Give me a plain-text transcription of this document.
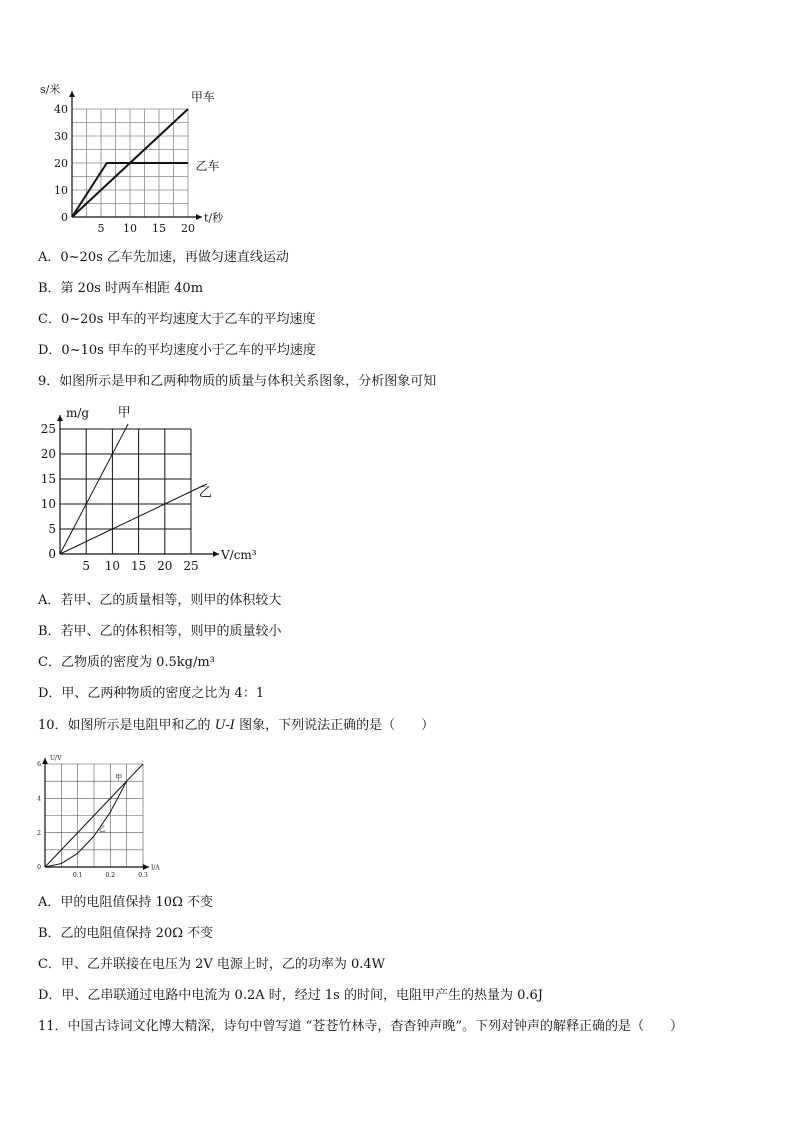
5 10 15 20
0
10
20
30
40
t/秒
s/米
甲车
乙车
A．0~20s 乙车先加速，再做匀速直线运动
B．第 20s 时两车相距 40m
C．0~20s 甲车的平均速度大于乙车的平均速度
D．0~10s 甲车的平均速度小于乙车的平均速度
9．如图所示是甲和乙两种物质的质量与体积关系图象，分析图象可知
5 10 15 20 25
0
5
10
15
20
25
V/cm³
m/g 甲
乙
A．若甲、乙的质量相等，则甲的体积较大
B．若甲、乙的体积相等，则甲的质量较小
C．乙物质的密度为 0.5kg/m³
D．甲、乙两种物质的密度之比为 4：1
10．如图所示是电阻甲和乙的 U-I 图象，下列说法正确的是（　　）
0.1	0.2	0.3
0
2
4
6
I/A
U/V
甲
乙
A．甲的电阻值保持 10Ω 不变
B．乙的电阻值保持 20Ω 不变
C．甲、乙并联接在电压为 2V 电源上时，乙的功率为 0.4W
D．甲、乙串联通过电路中电流为 0.2A 时，经过 1s 的时间，电阻甲产生的热量为 0.6J
11．中国古诗词文化博大精深，诗句中曾写道 “苍苍竹林寺，杳杳钟声晚”。下列对钟声的解释正确的是（　　）
